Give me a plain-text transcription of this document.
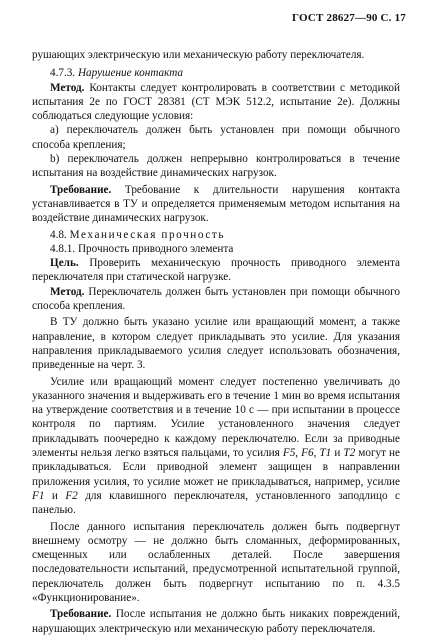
ГОСТ 28627—90 С. 17

рушающих электрическую или механическую работу переключателя.

4.7.3. Нарушение контакта

Метод. Контакты следует контролировать в соответствии с методикой испытания 2е по ГОСТ 28381 (СТ МЭК 512.2, испытание 2е). Должны соблюдаться следующие условия:

a) переключатель должен быть установлен при помощи обычного способа крепления;

b) переключатель должен непрерывно контролироваться в течение испытания на воздействие динамических нагрузок.

Требование. Требование к длительности нарушения контакта устанавливается в ТУ и определяется применяемым методом испытания на воздействие динамических нагрузок.

4.8. Механическая прочность

4.8.1. Прочность приводного элемента

Цель. Проверить механическую прочность приводного элемента переключателя при статической нагрузке.

Метод. Переключатель должен быть установлен при помощи обычного способа крепления.

В ТУ должно быть указано усилие или вращающий момент, а также направление, в котором следует прикладывать это усилие. Для указания направления прикладываемого усилия следует использовать обозначения, приведенные на черт. 3.

Усилие или вращающий момент следует постепенно увеличивать до указанного значения и выдерживать его в течение 1 мин во время испытания на утверждение соответствия и в течение 10 с — при испытании в процессе контроля по партиям. Усилие установленного значения следует прикладывать поочередно к каждому переключателю. Если за приводные элементы нельзя легко взяться пальцами, то усилия F5, F6, T1 и T2 могут не прикладываться. Если приводной элемент защищен в направлении приложения усилия, то усилие может не прикладываться, например, усилие F1 и F2 для клавишного переключателя, установленного заподлицо с панелью.

После данного испытания переключатель должен быть подвергнут внешнему осмотру — не должно быть сломанных, деформированных, смещенных или ослабленных деталей. После завершения последовательности испытаний, предусмотренной испытательной группой, переключатель должен быть подвергнут испытанию по п. 4.3.5 «Функционирование».

Требование. После испытания не должно быть никаких повреждений, нарушающих электрическую или механическую работу переключателя.
